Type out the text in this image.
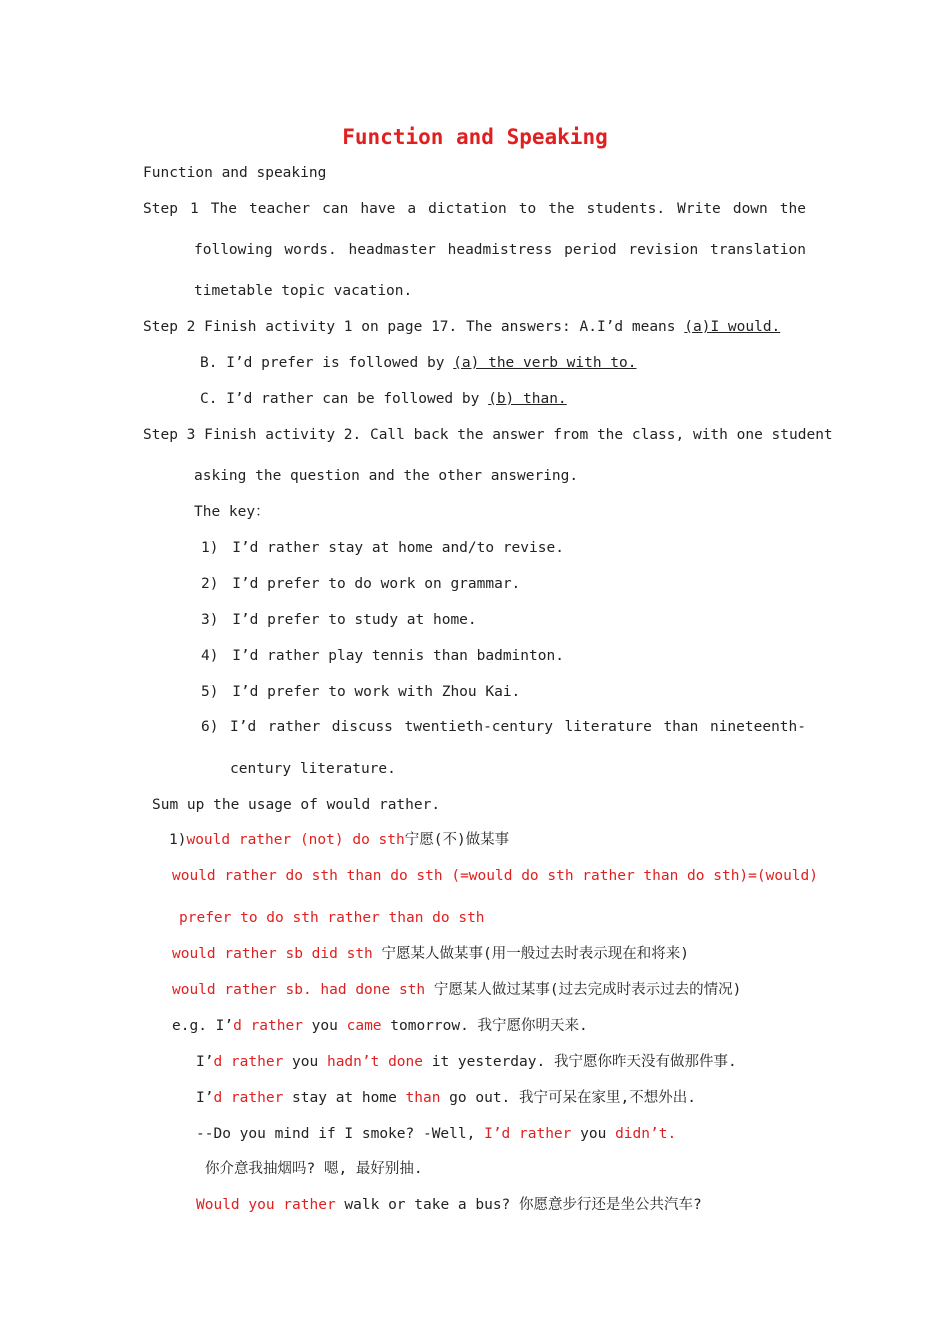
Function and Speaking
Function and speaking
Step 1 The teacher can have a dictation to the students. Write down the
following words. headmaster headmistress period revision translation
timetable topic vacation.
Step 2 Finish activity 1 on page 17. The answers: A.I’d means (a)I would.
B. I’d prefer is followed by (a) the verb with to.
C. I’d rather can be followed by (b) than.
Step 3 Finish activity 2. Call back the answer from the class, with one student
asking the question and the other answering.
The key：
1) I’d rather stay at home and/to revise.
2) I’d prefer to do work on grammar.
3) I’d prefer to study at home.
4) I’d rather play tennis than badminton.
5) I’d prefer to work with Zhou Kai.
6) I’d rather discuss twentieth-century literature than nineteenth-
century literature.
Sum up the usage of would rather.
1)would rather (not) do sth宁愿(不)做某事
would rather do sth than do sth (=would do sth rather than do sth)=(would)
prefer to do sth rather than do sth
would rather sb did sth 宁愿某人做某事(用一般过去时表示现在和将来)
would rather sb. had done sth 宁愿某人做过某事(过去完成时表示过去的情况)
e.g. I’d rather you came tomorrow. 我宁愿你明天来.
I’d rather you hadn’t done it yesterday. 我宁愿你昨天没有做那件事.
I’d rather stay at home than go out. 我宁可呆在家里,不想外出.
--Do you mind if I smoke? -Well, I’d rather you didn’t.
你介意我抽烟吗? 嗯, 最好别抽.
Would you rather walk or take a bus? 你愿意步行还是坐公共汽车?
